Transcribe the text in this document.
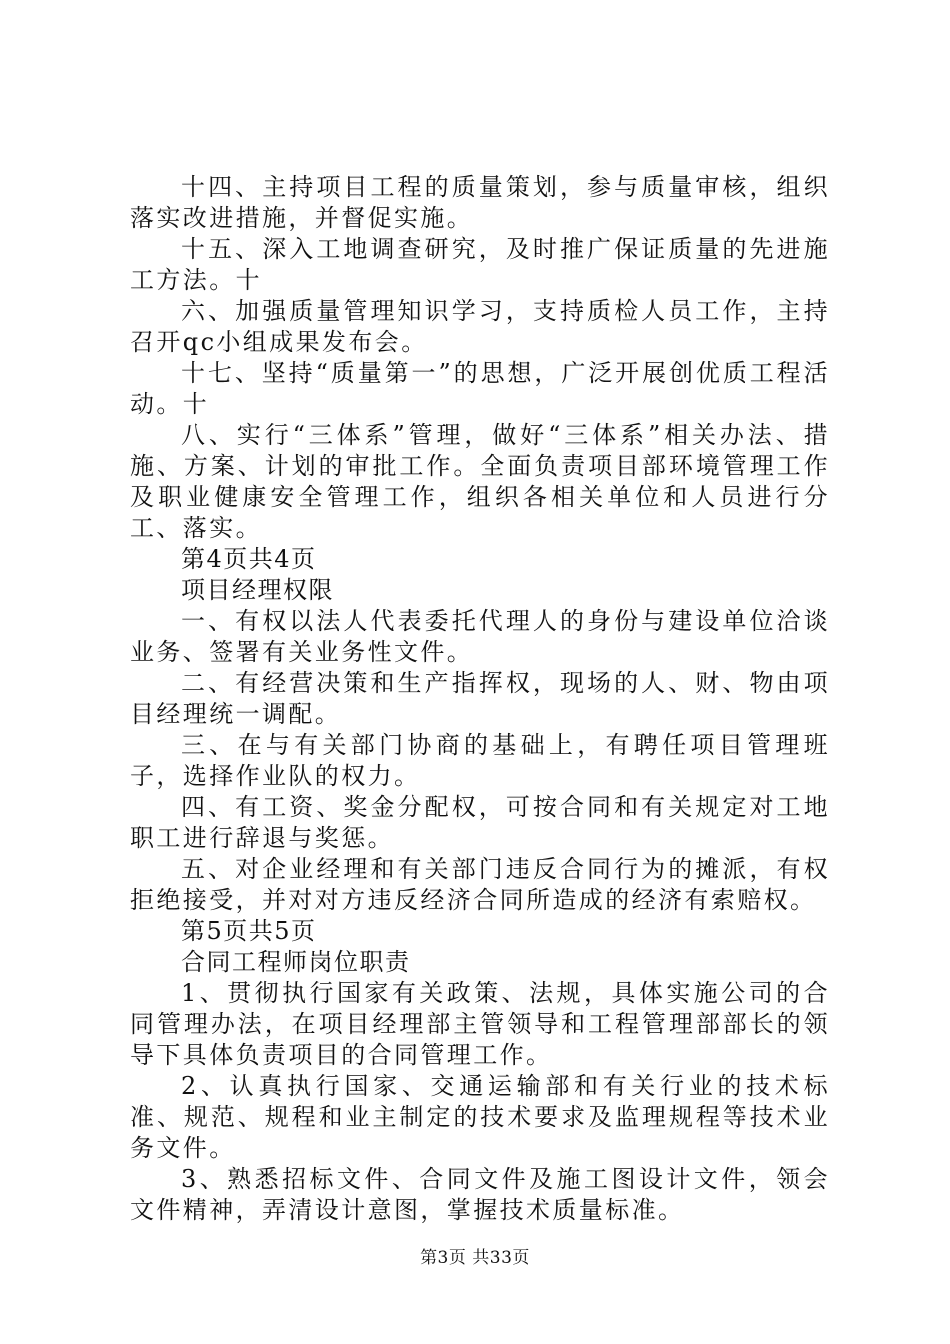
十四、主持项目工程的质量策划，参与质量审核，组织落实改进措施，并督促实施。

十五、深入工地调查研究，及时推广保证质量的先进施工方法。十

六、加强质量管理知识学习，支持质检人员工作，主持召开qc小组成果发布会。

十七、坚持“质量第一”的思想，广泛开展创优质工程活动。十

八、实行“三体系”管理，做好“三体系”相关办法、措施、方案、计划的审批工作。全面负责项目部环境管理工作及职业健康安全管理工作，组织各相关单位和人员进行分工、落实。

第4页共4页

项目经理权限

一、有权以法人代表委托代理人的身份与建设单位洽谈业务、签署有关业务性文件。

二、有经营决策和生产指挥权，现场的人、财、物由项目经理统一调配。

三、在与有关部门协商的基础上，有聘任项目管理班子，选择作业队的权力。

四、有工资、奖金分配权，可按合同和有关规定对工地职工进行辞退与奖惩。

五、对企业经理和有关部门违反合同行为的摊派，有权拒绝接受，并对对方违反经济合同所造成的经济有索赔权。

第5页共5页

合同工程师岗位职责

1、贯彻执行国家有关政策、法规，具体实施公司的合同管理办法，在项目经理部主管领导和工程管理部部长的领导下具体负责项目的合同管理工作。

2、认真执行国家、交通运输部和有关行业的技术标准、规范、规程和业主制定的技术要求及监理规程等技术业务文件。

3、熟悉招标文件、合同文件及施工图设计文件，领会文件精神，弄清设计意图，掌握技术质量标准。

第3页 共33页
